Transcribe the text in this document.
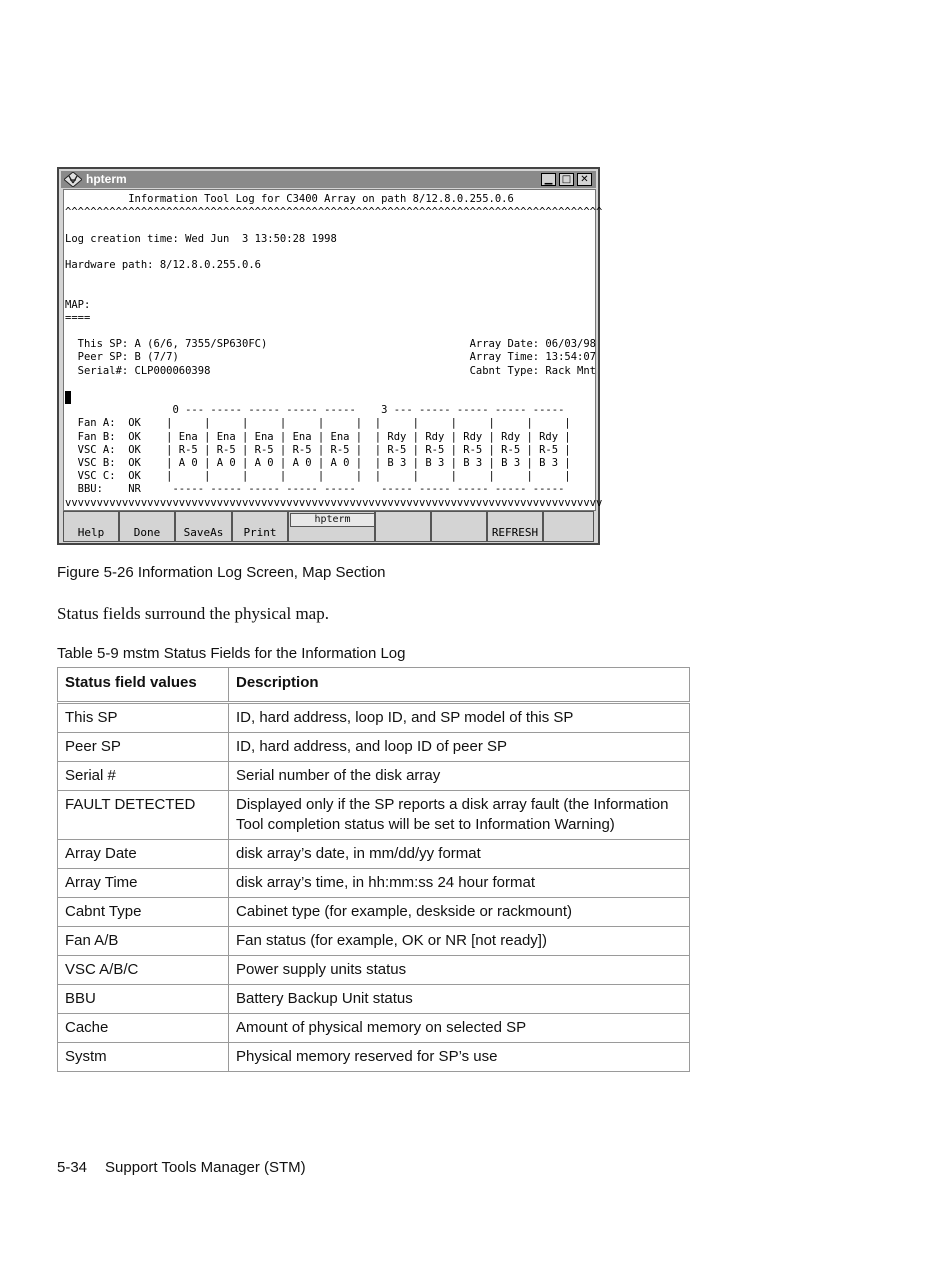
hpterm	▁ □ ✕
Information Tool Log for C3400 Array on path 8/12.8.0.255.0.6
^^^^^^^^^^^^^^^^^^^^^^^^^^^^^^^^^^^^^^^^^^^^^^^^^^^^^^^^^^^^^^^^^^^^^^^^^^^^^^^^^^^^^

Log creation time: Wed Jun  3 13:50:28 1998

Hardware path: 8/12.8.0.255.0.6

MAP:
====

This SP: A (6/6, 7355/SP630FC)                                Array Date: 06/03/98
Peer SP: B (7/7)                                              Array Time: 13:54:07
Serial#: CLP000060398                                         Cabnt Type: Rack Mnt

0 --- ----- ----- ----- -----    3 --- ----- ----- ----- -----
Fan A:  OK    |     |     |     |     |     |  |     |     |     |     |     |
Fan B:  OK    | Ena | Ena | Ena | Ena | Ena |  | Rdy | Rdy | Rdy | Rdy | Rdy |
VSC A:  OK    | R-5 | R-5 | R-5 | R-5 | R-5 |  | R-5 | R-5 | R-5 | R-5 | R-5 |
VSC B:  OK    | A 0 | A 0 | A 0 | A 0 | A 0 |  | B 3 | B 3 | B 3 | B 3 | B 3 |
VSC C:  OK    |     |     |     |     |     |  |     |     |     |     |     |
BBU:    NR     ----- ----- ----- ----- -----    ----- ----- ----- ----- -----
vvvvvvvvvvvvvvvvvvvvvvvvvvvvvvvvvvvvvvvvvvvvvvvvvvvvvvvvvvvvvvvvvvvvvvvvvvvvvvvvvvvvv

Help	Done	SaveAs	Print
hpterm
REFRESH
Figure 5-26 Information Log Screen, Map Section
Status fields surround the physical map.
Table 5-9 mstm Status Fields for the Information Log
Status field values	Description
This SP	ID, hard address, loop ID, and SP model of this SP
Peer SP	ID, hard address, and loop ID of peer SP
Serial #	Serial number of the disk array
FAULT DETECTED	Displayed only if the SP reports a disk array fault (the Information Tool completion status will be set to Information Warning)
Array Date	disk array’s date, in mm/dd/yy format
Array Time	disk array’s time, in hh:mm:ss 24 hour format
Cabnt Type	Cabinet type (for example, deskside or rackmount)
Fan A/B	Fan status (for example, OK or NR [not ready])
VSC A/B/C	Power supply units status
BBU	Battery Backup Unit status
Cache	Amount of physical memory on selected SP
Systm	Physical memory reserved for SP’s use
5-34 Support Tools Manager (STM)
